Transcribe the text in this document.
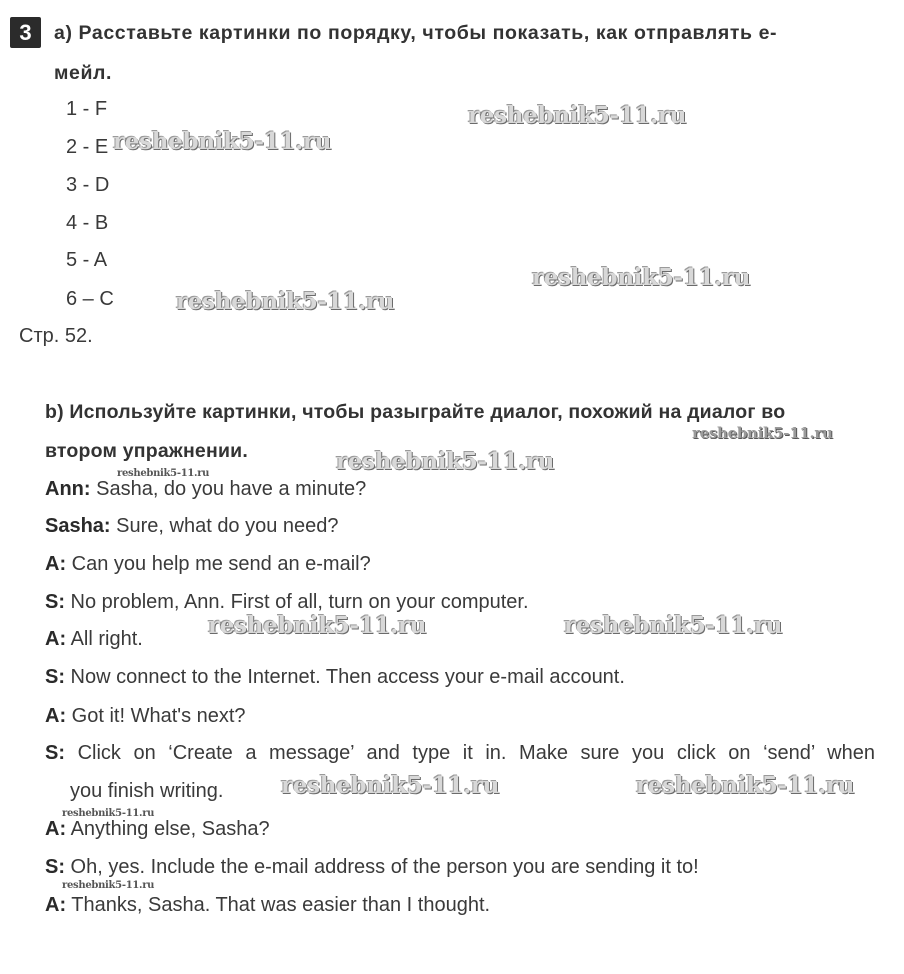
3	a) Расставьте картинки по порядку, чтобы показать, как отправлять е-
мейл.
1 - F
2 - E
3 - D
4 - B
5 - A
6 – C
Стр. 52.
b) Используйте картинки, чтобы разыграйте диалог, похожий на диалог во
втором упражнении.
Ann: Sasha, do you have a minute?
Sasha: Sure, what do you need?
A: Can you help me send an e-mail?
S: No problem, Ann. First of all, turn on your computer.
A: All right.
S: Now connect to the Internet. Then access your e-mail account.
A: Got it! What's next?
S: Click on ‘Create a message’ and type it in. Make sure you click on ‘send’ when
you finish writing.
A: Anything else, Sasha?
S: Oh, yes. Include the e-mail address of the person you are sending it to!
A: Thanks, Sasha. That was easier than I thought.
reshebnik5-11.ru
reshebnik5-11.ru
reshebnik5-11.ru
reshebnik5-11.ru
reshebnik5-11.ru
reshebnik5-11.ru
reshebnik5-11.ru
reshebnik5-11.ru	reshebnik5-11.ru
reshebnik5-11.ru	reshebnik5-11.ru
reshebnik5-11.ru
reshebnik5-11.ru
